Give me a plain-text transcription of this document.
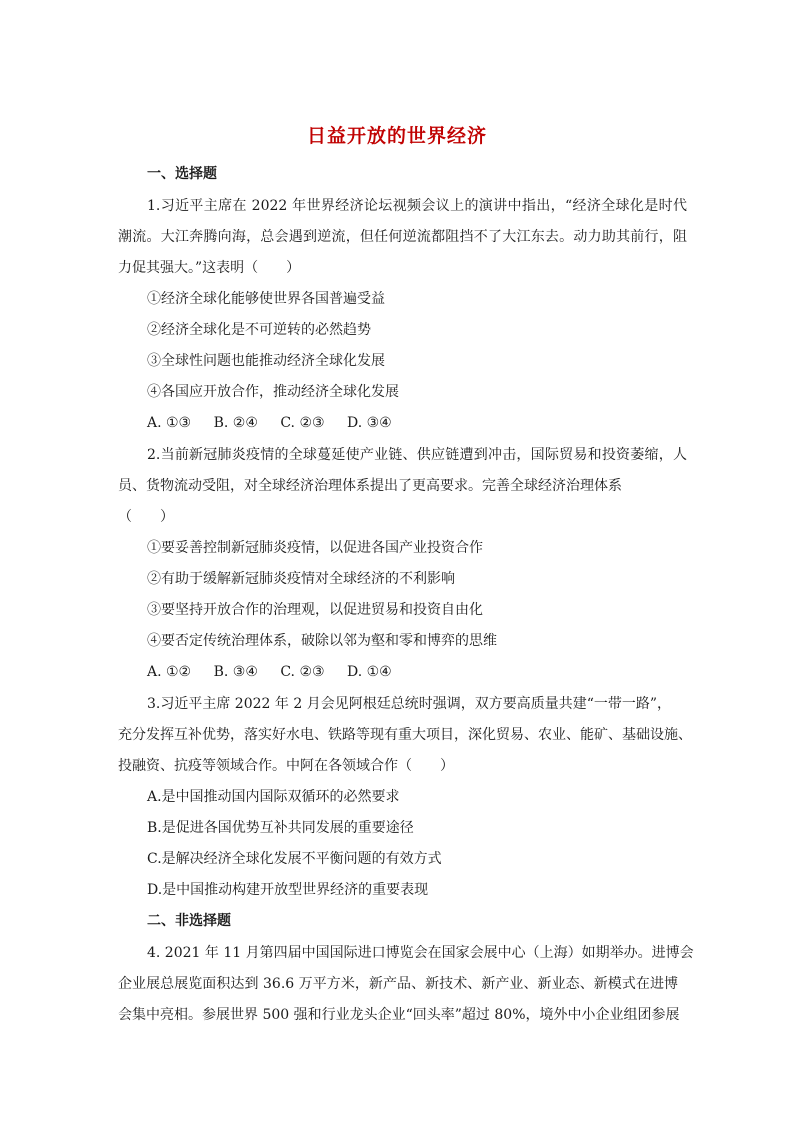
日益开放的世界经济
一、选择题
1.习近平主席在 2022 年世界经济论坛视频会议上的演讲中指出，“经济全球化是时代
潮流。大江奔腾向海，总会遇到逆流，但任何逆流都阻挡不了大江东去。动力助其前行，阻
力促其强大。”这表明（　　）
①经济全球化能够使世界各国普遍受益
②经济全球化是不可逆转的必然趋势
③全球性问题也能推动经济全球化发展
④各国应开放合作，推动经济全球化发展
A. ①③ B. ②④ C. ②③ D. ③④
2.当前新冠肺炎疫情的全球蔓延使产业链、供应链遭到冲击，国际贸易和投资萎缩，人
员、货物流动受阻，对全球经济治理体系提出了更高要求。完善全球经济治理体系
（　　）
①要妥善控制新冠肺炎疫情，以促进各国产业投资合作
②有助于缓解新冠肺炎疫情对全球经济的不利影响
③要坚持开放合作的治理观，以促进贸易和投资自由化
④要否定传统治理体系，破除以邻为壑和零和博弈的思维
A. ①② B. ③④ C. ②③ D. ①④
3.习近平主席 2022 年 2 月会见阿根廷总统时强调，双方要高质量共建“一带一路”，
充分发挥互补优势，落实好水电、铁路等现有重大项目，深化贸易、农业、能矿、基础设施、
投融资、抗疫等领域合作。中阿在各领域合作（　　）
A.是中国推动国内国际双循环的必然要求
B.是促进各国优势互补共同发展的重要途径
C.是解决经济全球化发展不平衡问题的有效方式
D.是中国推动构建开放型世界经济的重要表现
二、非选择题
4. 2021 年 11 月第四届中国国际进口博览会在国家会展中心（上海）如期举办。进博会
企业展总展览面积达到 36.6 万平方米，新产品、新技术、新产业、新业态、新模式在进博
会集中亮相。参展世界 500 强和行业龙头企业“回头率”超过 80%，境外中小企业组团参展
